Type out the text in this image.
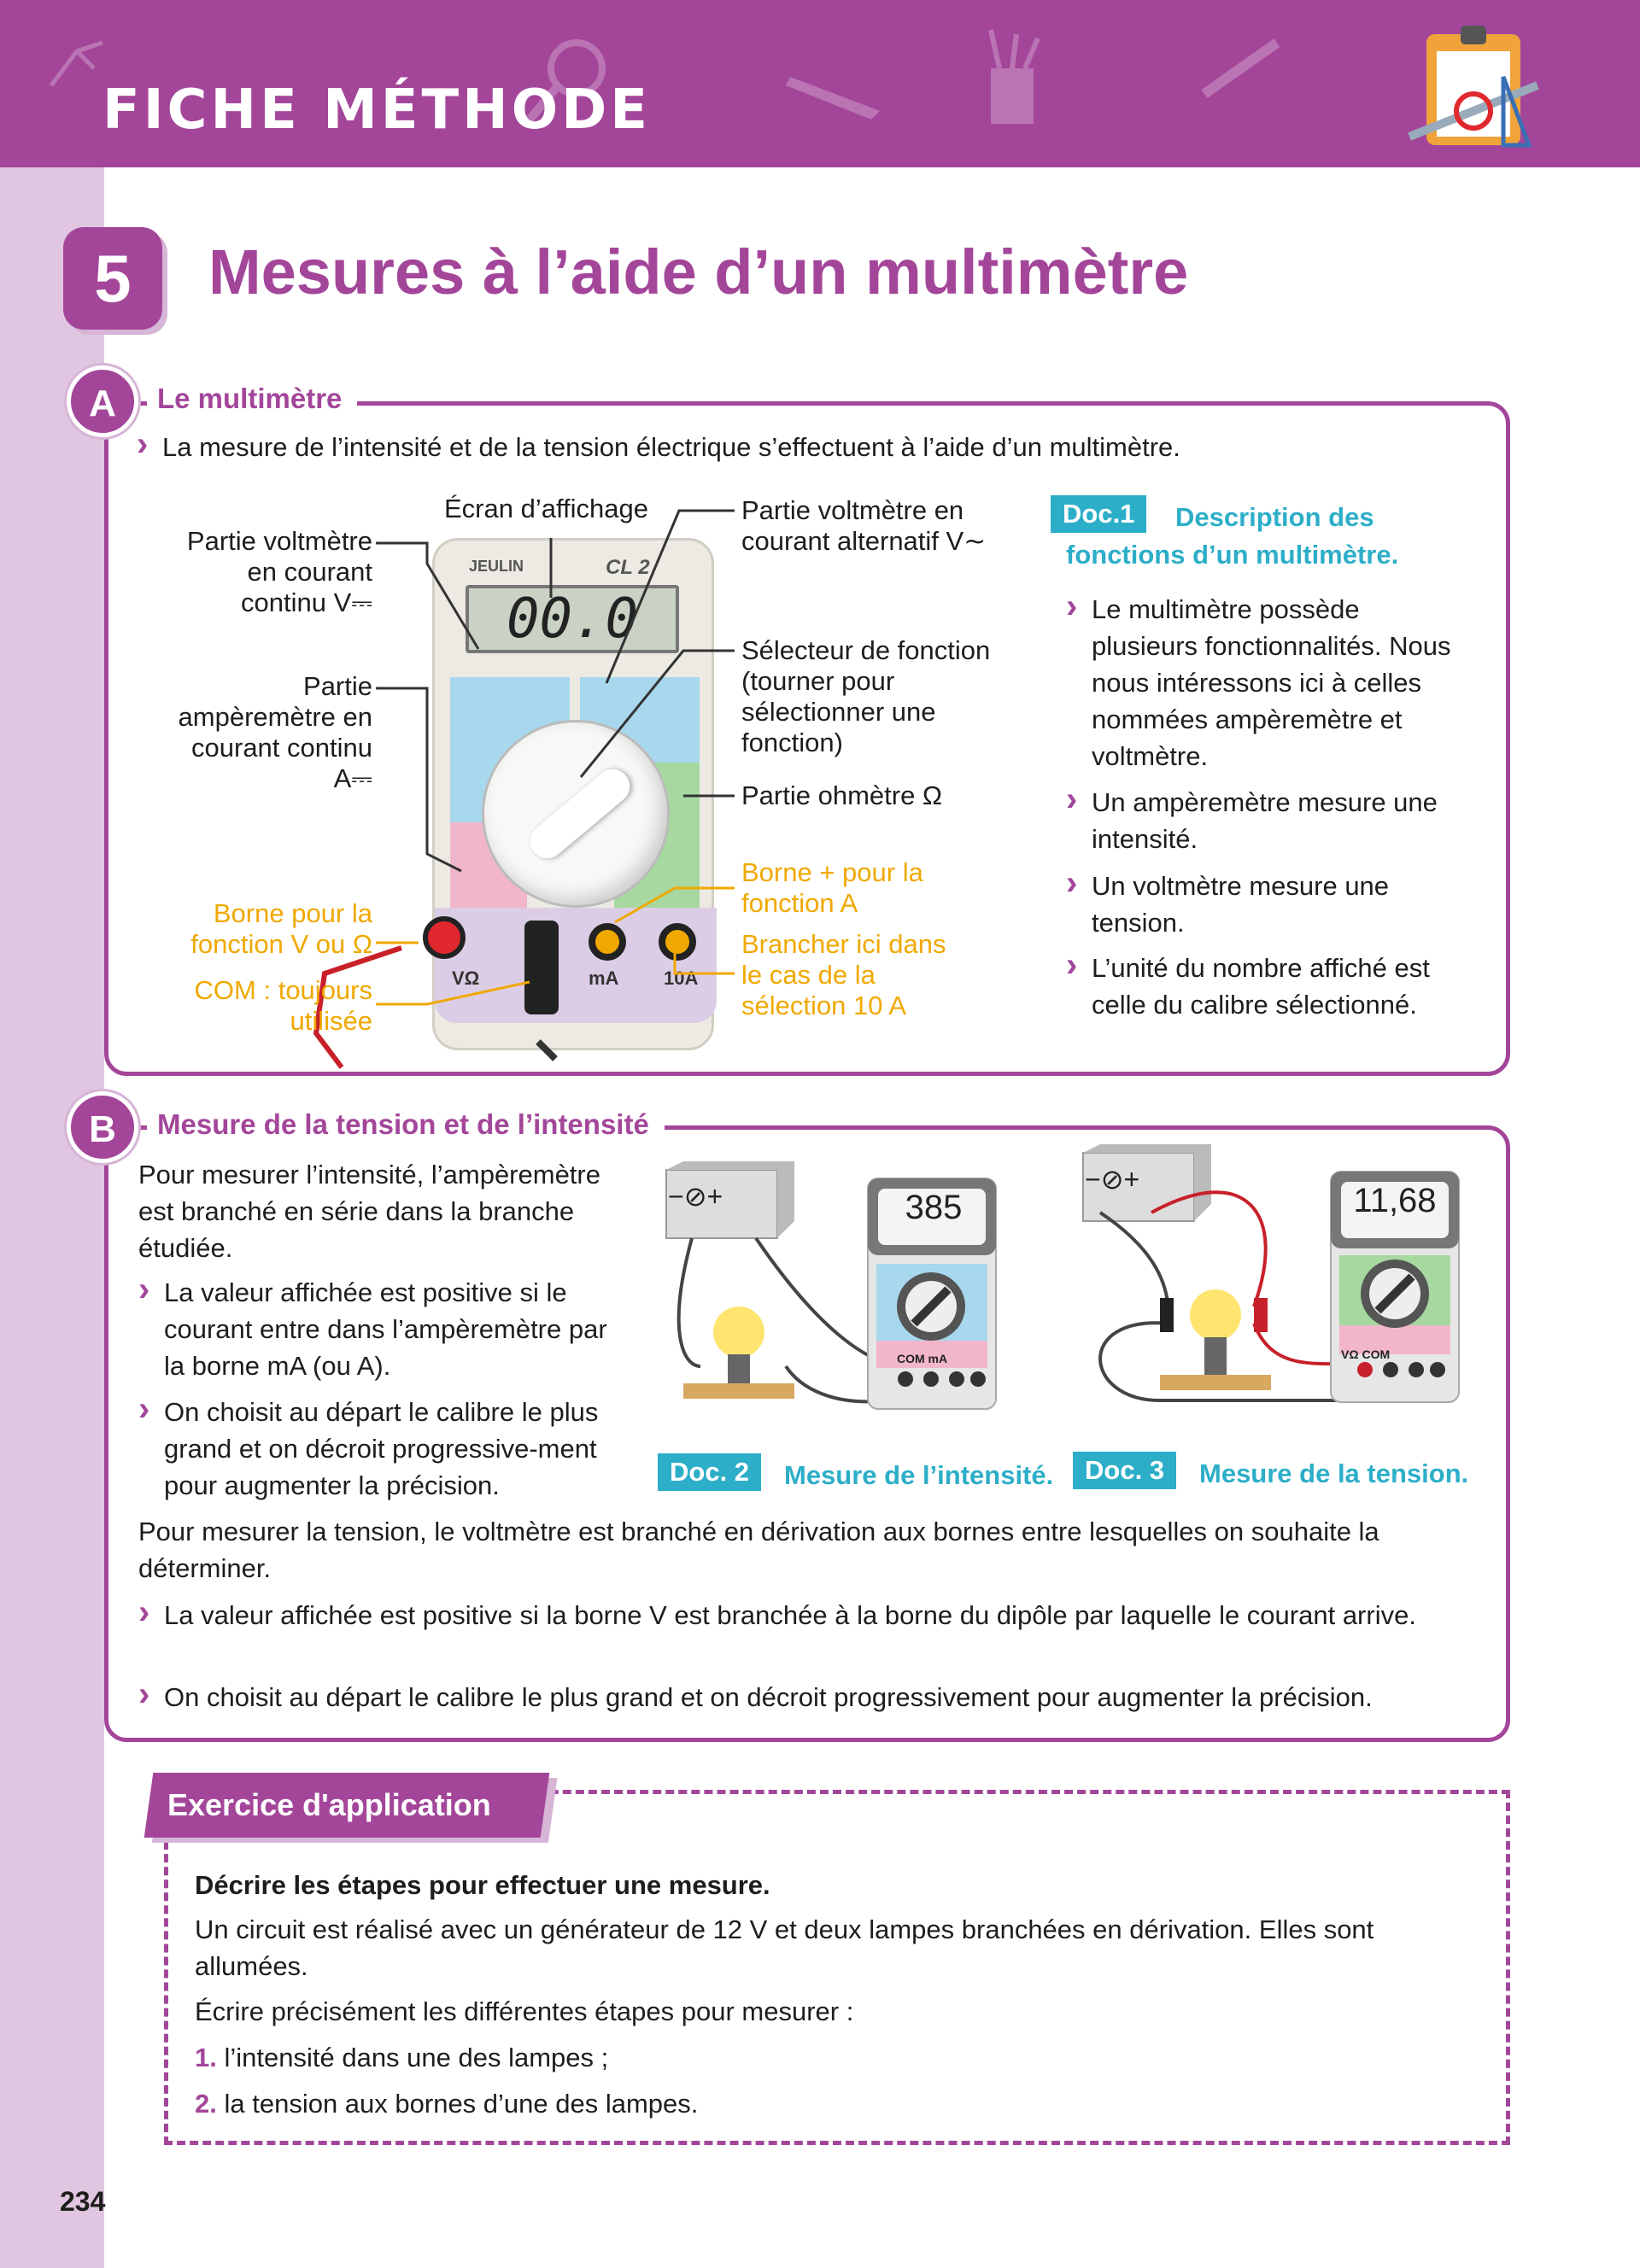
FICHE MÉTHODE
5	Mesures à l’aide d’un multimètre
A	Le multimètre
› La mesure de l’intensité et de la tension électrique s’effectuent à l’aide d’un multimètre.
JEULIN	CL 2
00.0
VΩ	mA 10A
Écran d’affichage
Partie voltmètre en courant continu V⎓
Partie ampèremètre en courant continu A⎓
Partie voltmètre en courant alternatif V∼
Sélecteur de fonction (tourner pour sélectionner une fonction)
Partie ohmètre Ω
Borne + pour la fonction A
Brancher ici dans le cas de la sélection 10 A
Borne pour la fonction V ou Ω
COM : toujours utilisée
Doc.1	Description des fonctions d’un multimètre.
› Le multimètre possède plusieurs fonctionnalités. Nous nous intéressons ici à celles nommées ampèremètre et voltmètre.
› Un ampèremètre mesure une intensité.
› Un voltmètre mesure une tension.
› L’unité du nombre affiché est celle du calibre sélectionné.
B	Mesure de la tension et de l’intensité
Pour mesurer l’intensité, l’ampèremètre est branché en série dans la branche étudiée.
› La valeur affichée est positive si le courant entre dans l’ampèremètre par la borne mA (ou A).
› On choisit au départ le calibre le plus grand et on décroit progressive-ment pour augmenter la précision.
−⊘+	385
COM mA
−⊘+
11,68
VΩ COM
Doc. 2	Mesure de l’intensité.	Doc. 3	Mesure de la tension.
Pour mesurer la tension, le voltmètre est branché en dérivation aux bornes entre lesquelles on souhaite la déterminer.
› La valeur affichée est positive si la borne V est branchée à la borne du dipôle par laquelle le courant arrive.
› On choisit au départ le calibre le plus grand et on décroit progressivement pour augmenter la précision.
Exercice d'application
Décrire les étapes pour effectuer une mesure.
Un circuit est réalisé avec un générateur de 12 V et deux lampes branchées en dérivation. Elles sont allumées.
Écrire précisément les différentes étapes pour mesurer :
1. l’intensité dans une des lampes ;
2. la tension aux bornes d’une des lampes.
234
